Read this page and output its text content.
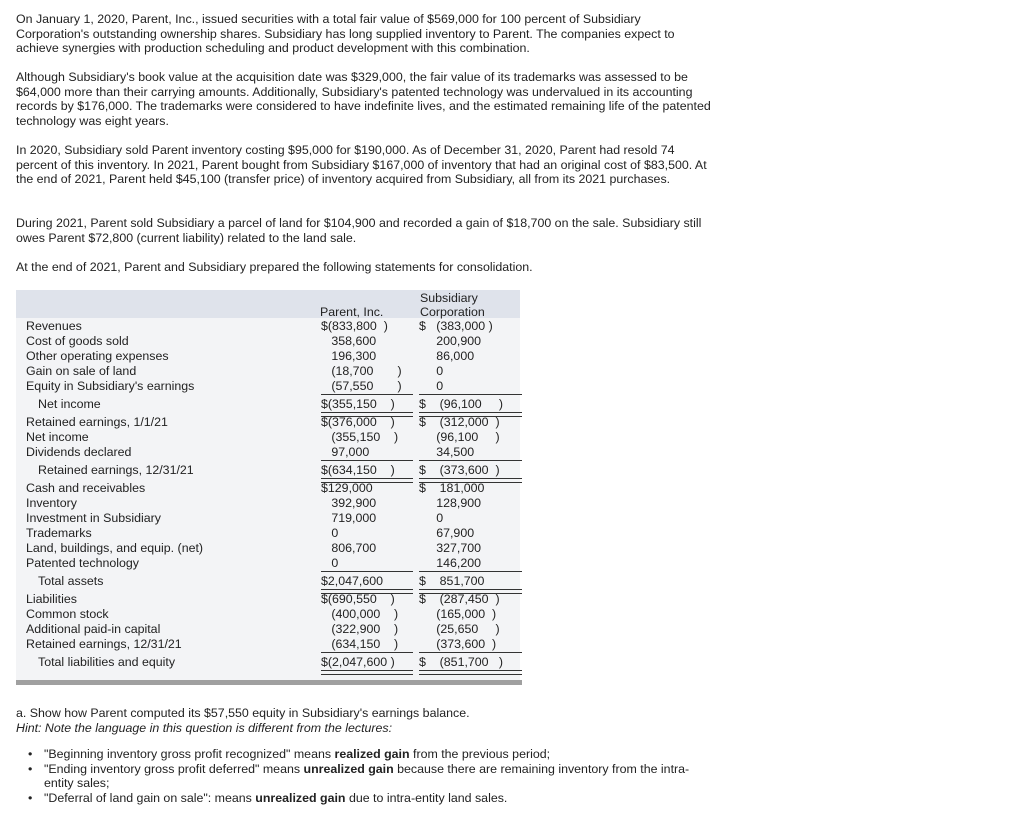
On January 1, 2020, Parent, Inc., issued securities with a total fair value of $569,000 for 100 percent of Subsidiary Corporation's outstanding ownership shares. Subsidiary has long supplied inventory to Parent. The companies expect to achieve synergies with production scheduling and product development with this combination.

Although Subsidiary's book value at the acquisition date was $329,000, the fair value of its trademarks was assessed to be $64,000 more than their carrying amounts. Additionally, Subsidiary's patented technology was undervalued in its accounting records by $176,000. The trademarks were considered to have indefinite lives, and the estimated remaining life of the patented technology was eight years.

In 2020, Subsidiary sold Parent inventory costing $95,000 for $190,000. As of December 31, 2020, Parent had resold 74 percent of this inventory. In 2021, Parent bought from Subsidiary $167,000 of inventory that had an original cost of $83,500. At the end of 2021, Parent held $45,100 (transfer price) of inventory acquired from Subsidiary, all from its 2021 purchases.

During 2021, Parent sold Subsidiary a parcel of land for $104,900 and recorded a gain of $18,700 on the sale. Subsidiary still owes Parent $72,800 (current liability) related to the land sale.

At the end of 2021, Parent and Subsidiary prepared the following statements for consolidation.

Subsidiary
Parent, Inc.	Corporation
Revenues	$(833,800  )	$   (383,000 )
Cost of goods sold	358,600	200,900
Other operating expenses	196,300	86,000
Gain on sale of land	(18,700       ) 0
Equity in Subsidiary's earnings	(57,550       ) 0
Net income	$(355,150    ) $    (96,100     )
Retained earnings, 1/1/21	$(376,000    ) $    (312,000  )
Net income	(355,150    ) (96,100     )
Dividends declared	97,000	34,500
Retained earnings, 12/31/21	$(634,150    ) $    (373,600  )
Cash and receivables	$129,000	$    181,000
Inventory	392,900	128,900
Investment in Subsidiary	719,000	0
Trademarks	0	67,900
Land, buildings, and equip. (net)	806,700	327,700
Patented technology	0	146,200
Total assets	$2,047,600	$    851,700
Liabilities	$(690,550    ) $    (287,450  )
Common stock	(400,000    ) (165,000  )
Additional paid-in capital	(322,900    ) (25,650     )
Retained earnings, 12/31/21	(634,150    ) (373,600  )
Total liabilities and equity	$(2,047,600 ) $    (851,700   )
a. Show how Parent computed its $57,550 equity in Subsidiary's earnings balance.
Hint: Note the language in this question is different from the lectures:
• "Beginning inventory gross profit recognized" means realized gain from the previous period;
• "Ending inventory gross profit deferred" means unrealized gain because there are remaining inventory from the intra-entity sales;
• "Deferral of land gain on sale": means unrealized gain due to intra-entity land sales.
